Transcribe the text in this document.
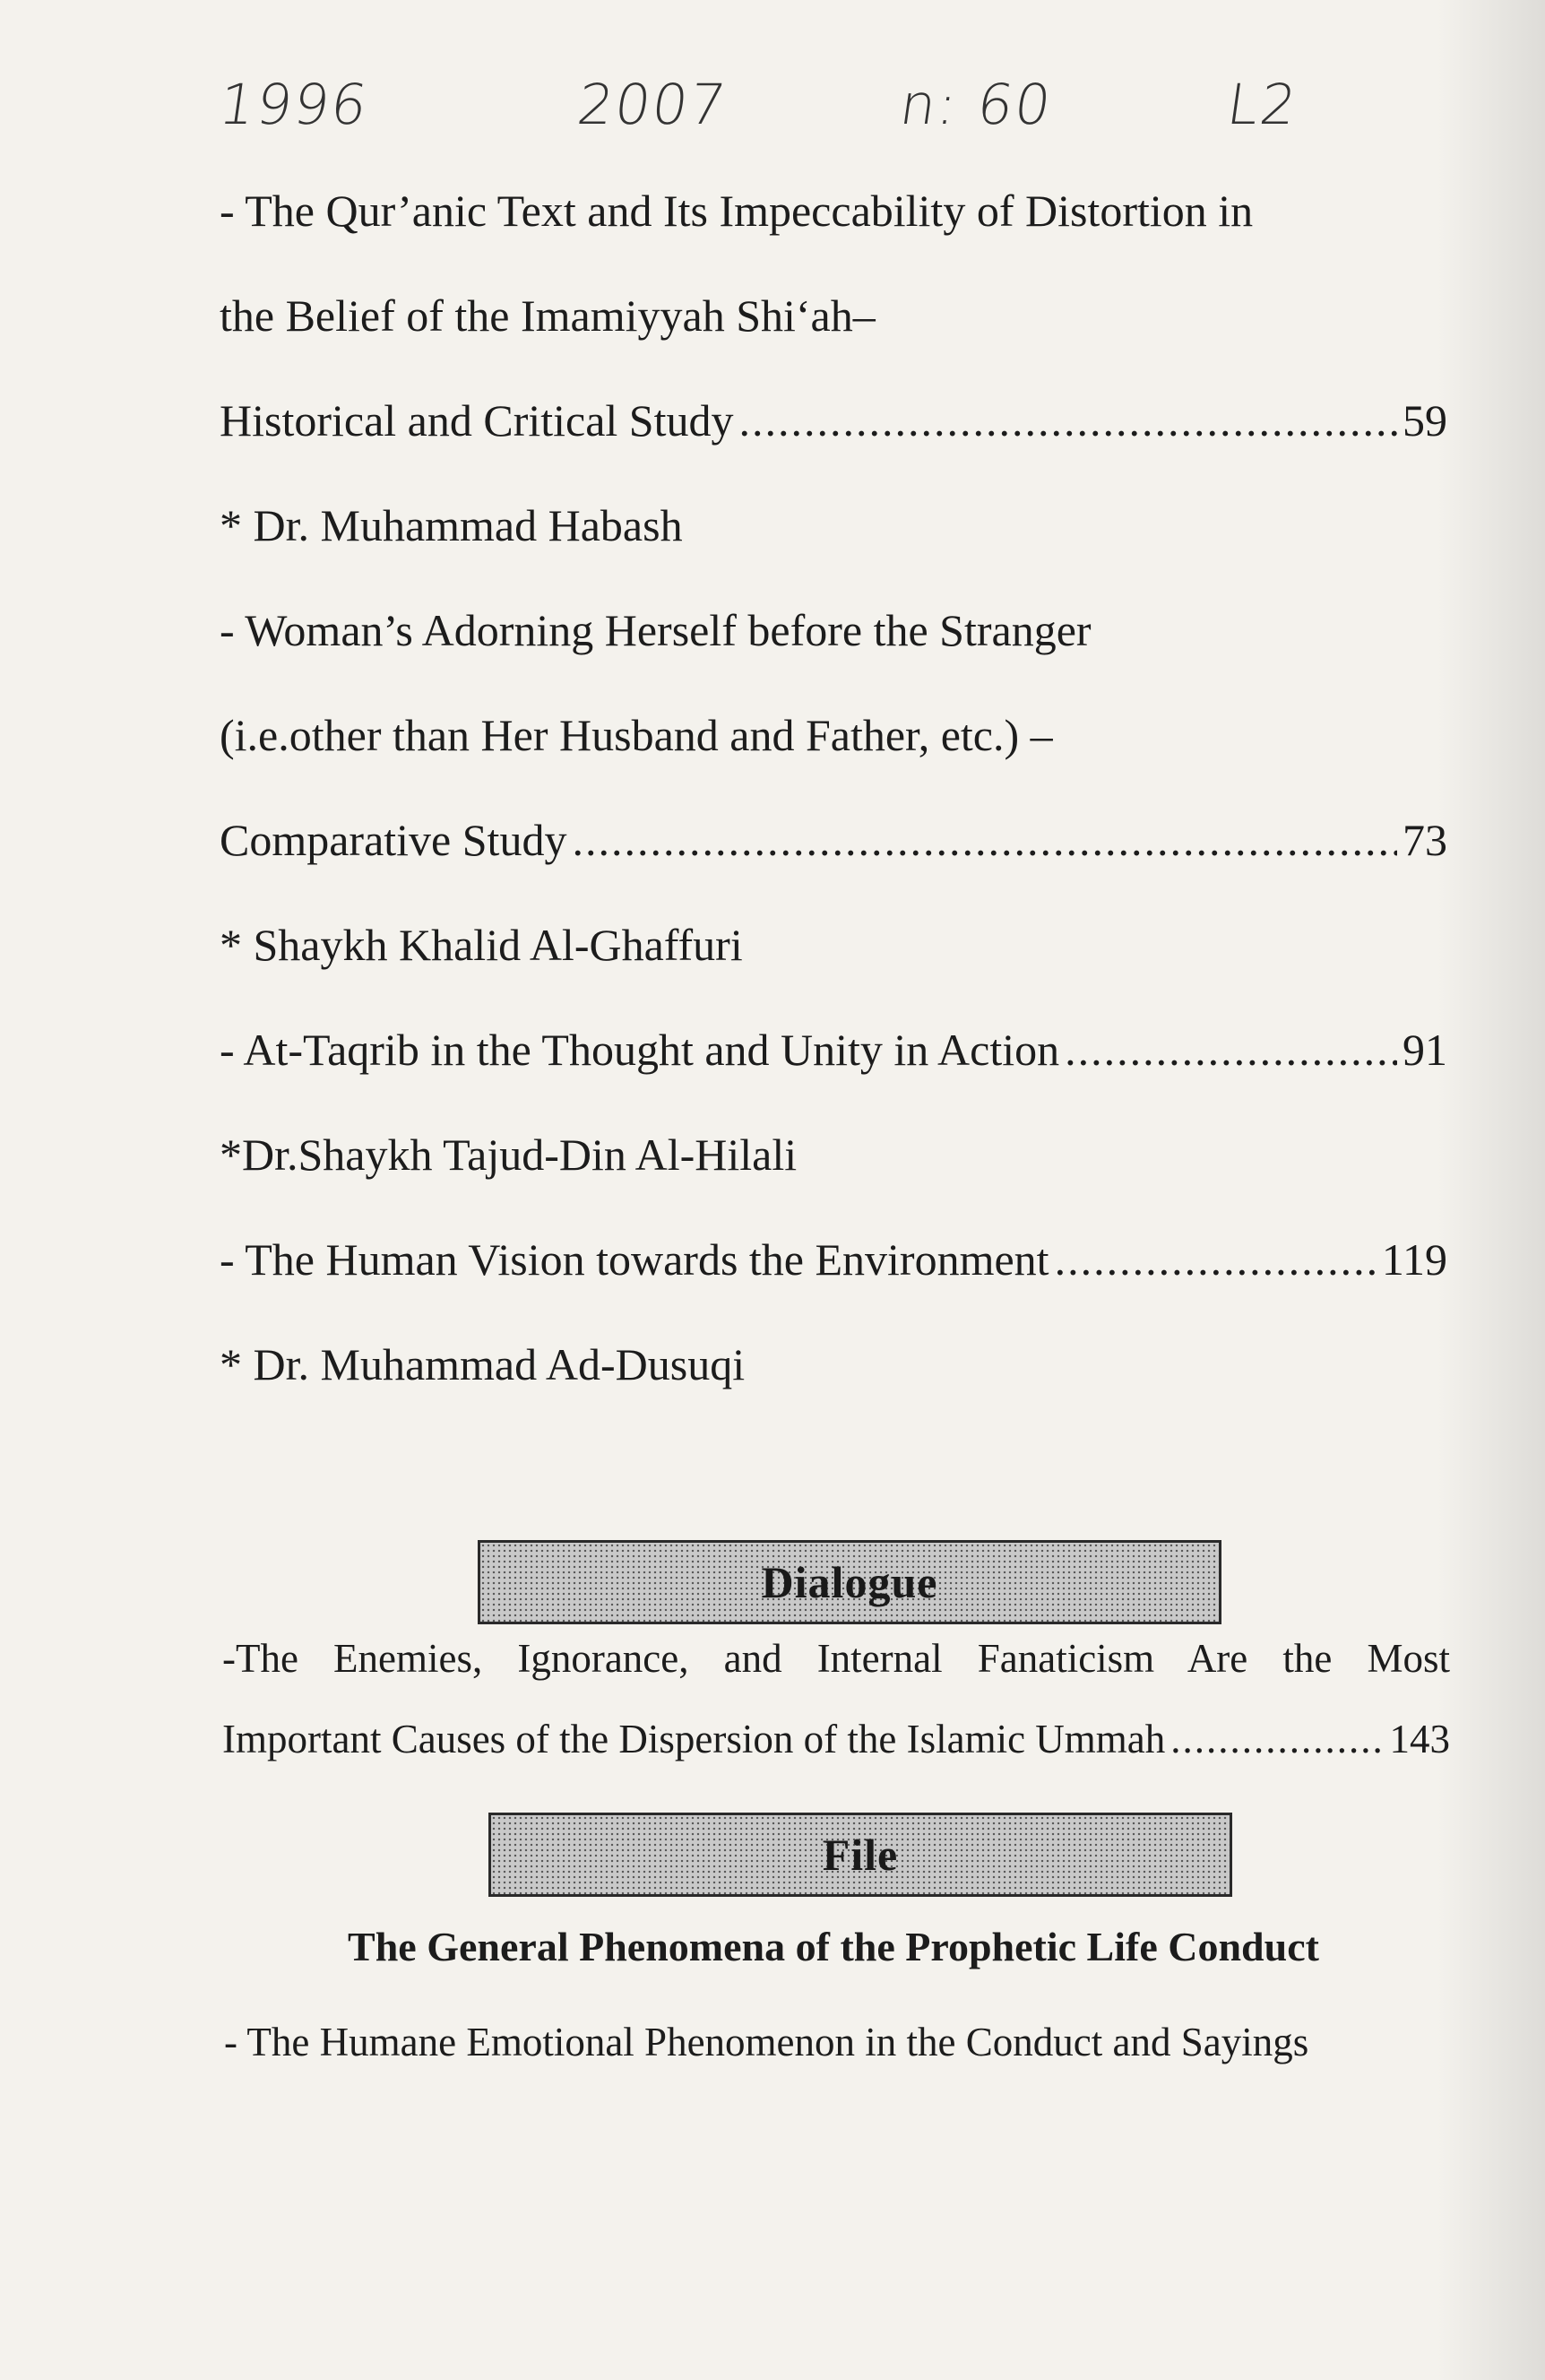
1996	2007	n: 60	L2
- The Qur’anic Text and Its Impeccability of Distortion in
the Belief of the Imamiyyah Shi‘ah–
Historical and Critical Study .....	59
* Dr. Muhammad Habash
- Woman’s Adorning Herself before the Stranger
(i.e.other than Her Husband and Father, etc.) –
Comparative Study .....	73
* Shaykh Khalid Al-Ghaffuri
- At-Taqrib in the Thought and Unity in Action .....	91
*Dr.Shaykh Tajud-Din Al-Hilali
- The Human Vision towards the Environment .....	119
* Dr. Muhammad Ad-Dusuqi
Dialogue
-The Enemies, Ignorance, and Internal Fanaticism Are the Most
Important Causes of the Dispersion of the Islamic Ummah .....	143
File
The General Phenomena of the Prophetic Life Conduct
- The Humane Emotional Phenomenon in the Conduct and Sayings
